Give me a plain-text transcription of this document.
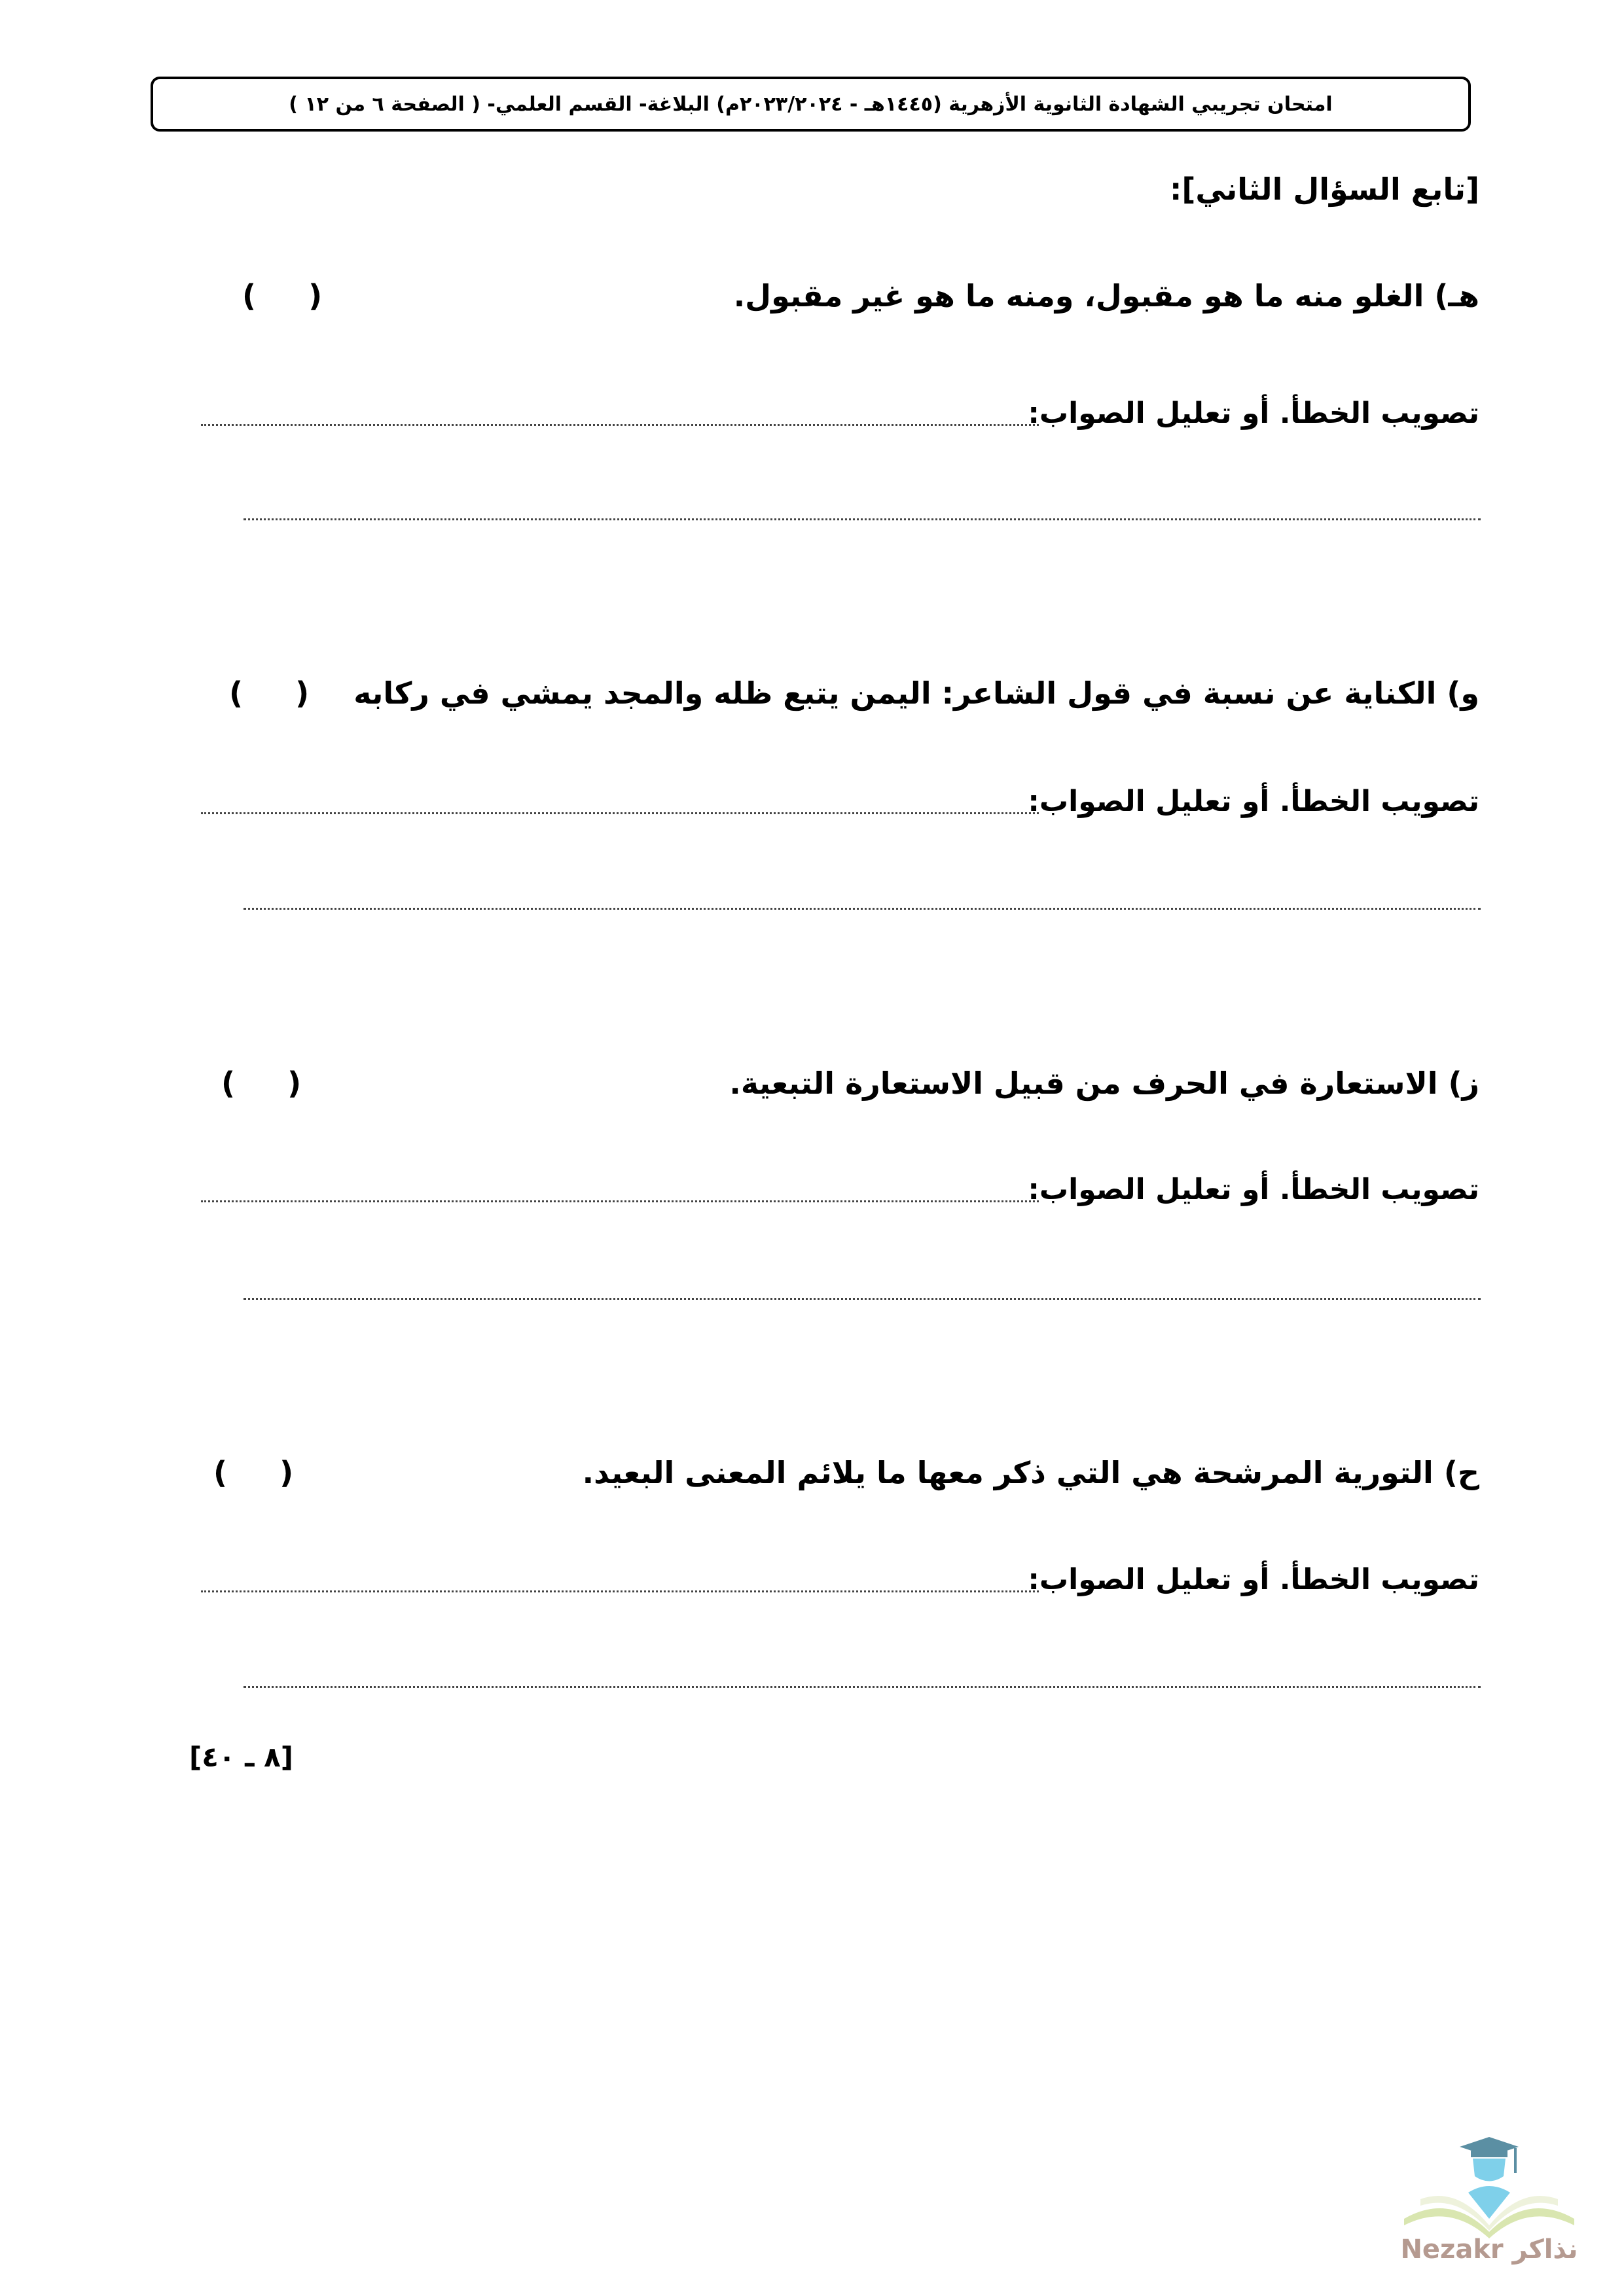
امتحان تجريبي الشهادة الثانوية الأزهرية (١٤٤٥هـ - ٢٠٢٣/٢٠٢٤م) البلاغة- القسم العلمي- ( الصفحة ٦ من ١٢ )
[تابع السؤال الثاني]:
هـ) الغلو منه ما هو مقبول، ومنه ما هو غير مقبول.
(     )
تصويب الخطأ. أو تعليل الصواب:
و) الكناية عن نسبة في قول الشاعر: اليمن يتبع ظله والمجد يمشي في ركابه
(     )
تصويب الخطأ. أو تعليل الصواب:
ز) الاستعارة في الحرف من قبيل الاستعارة التبعية.
(     )
تصويب الخطأ. أو تعليل الصواب:
ح) التورية المرشحة هي التي ذكر معها ما يلائم المعنى البعيد.
(     )
تصويب الخطأ. أو تعليل الصواب:
[٨ ـ ٤٠]
Nezakr نذاكر
